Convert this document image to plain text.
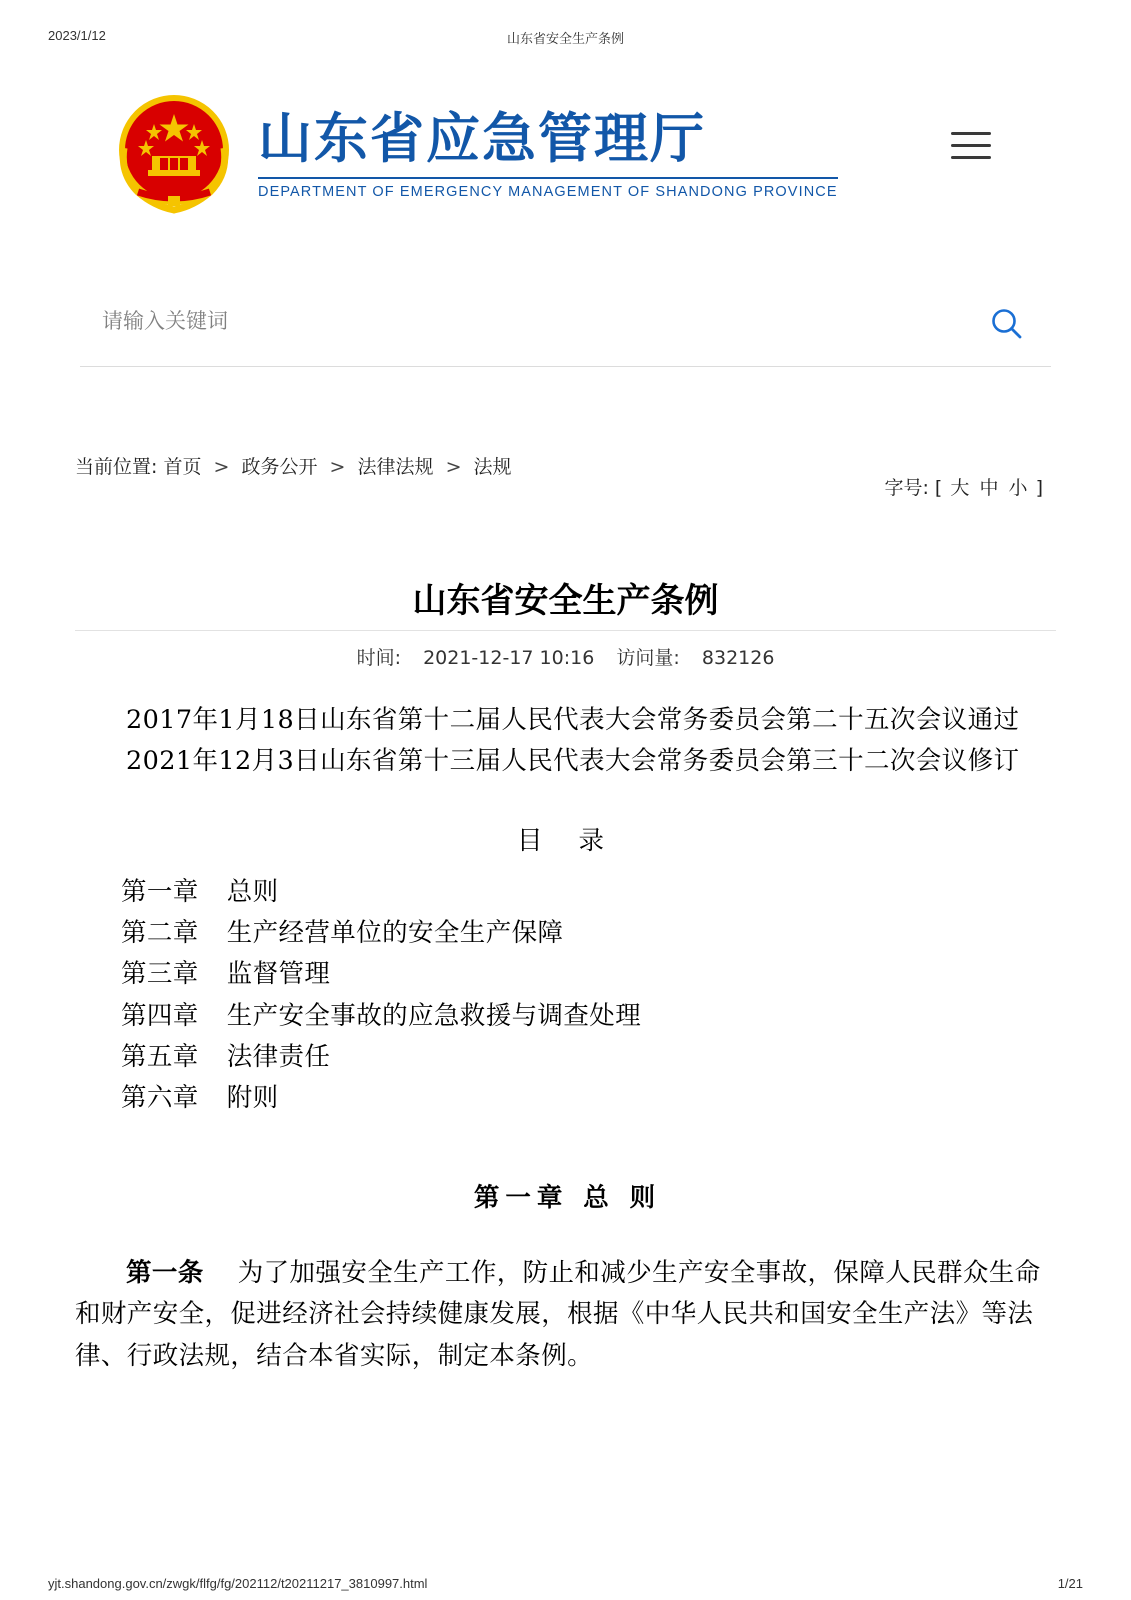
2023/1/12	山东省安全生产条例
山东省应急管理厅
DEPARTMENT OF EMERGENCY MANAGEMENT OF SHANDONG PROVINCE
请输入关键词
当前位置: 首页 > 政务公开 > 法律法规 > 法规
字号: [ 大 中 小 ]
山东省安全生产条例
时间: 2021-12-17 10:16 访问量: 832126

2017年1月18日山东省第十二届人民代表大会常务委员会第二十五次会议通过

2021年12月3日山东省第十三届人民代表大会常务委员会第三十二次会议修订

目 录

第一章 总则
第二章 生产经营单位的安全生产保障
第三章 监督管理
第四章 生产安全事故的应急救援与调查处理
第五章 法律责任
第六章 附则

第一章 总 则

第一条 为了加强安全生产工作，防止和减少生产安全事故，保障人民群众生命和财产安全，促进经济社会持续健康发展，根据《中华人民共和国安全生产法》等法律、行政法规，结合本省实际，制定本条例。

yjt.shandong.gov.cn/zwgk/flfg/fg/202112/t20211217_3810997.html	1/21
